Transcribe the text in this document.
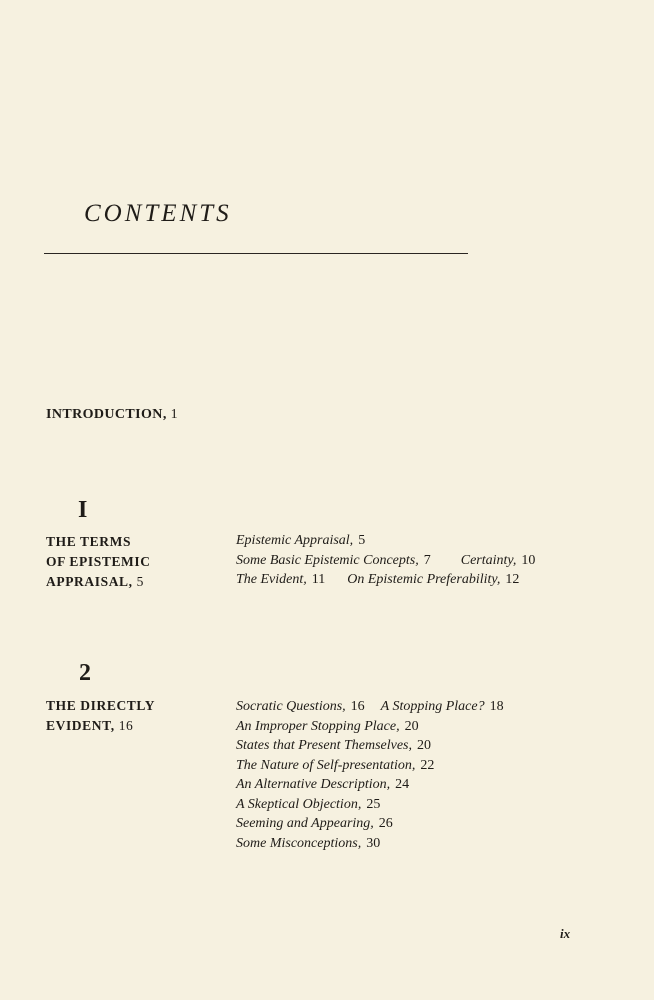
CONTENTS
INTRODUCTION, 1
I
THE TERMS
OF EPISTEMIC
APPRAISAL, 5
Epistemic Appraisal, 5
Some Basic Epistemic Concepts, 7 Certainty, 10
The Evident, 11 On Epistemic Preferability, 12
2
THE DIRECTLY
EVIDENT, 16
Socratic Questions, 16 A Stopping Place? 18
An Improper Stopping Place, 20
States that Present Themselves, 20
The Nature of Self-presentation, 22
An Alternative Description, 24
A Skeptical Objection, 25
Seeming and Appearing, 26
Some Misconceptions, 30
ix
